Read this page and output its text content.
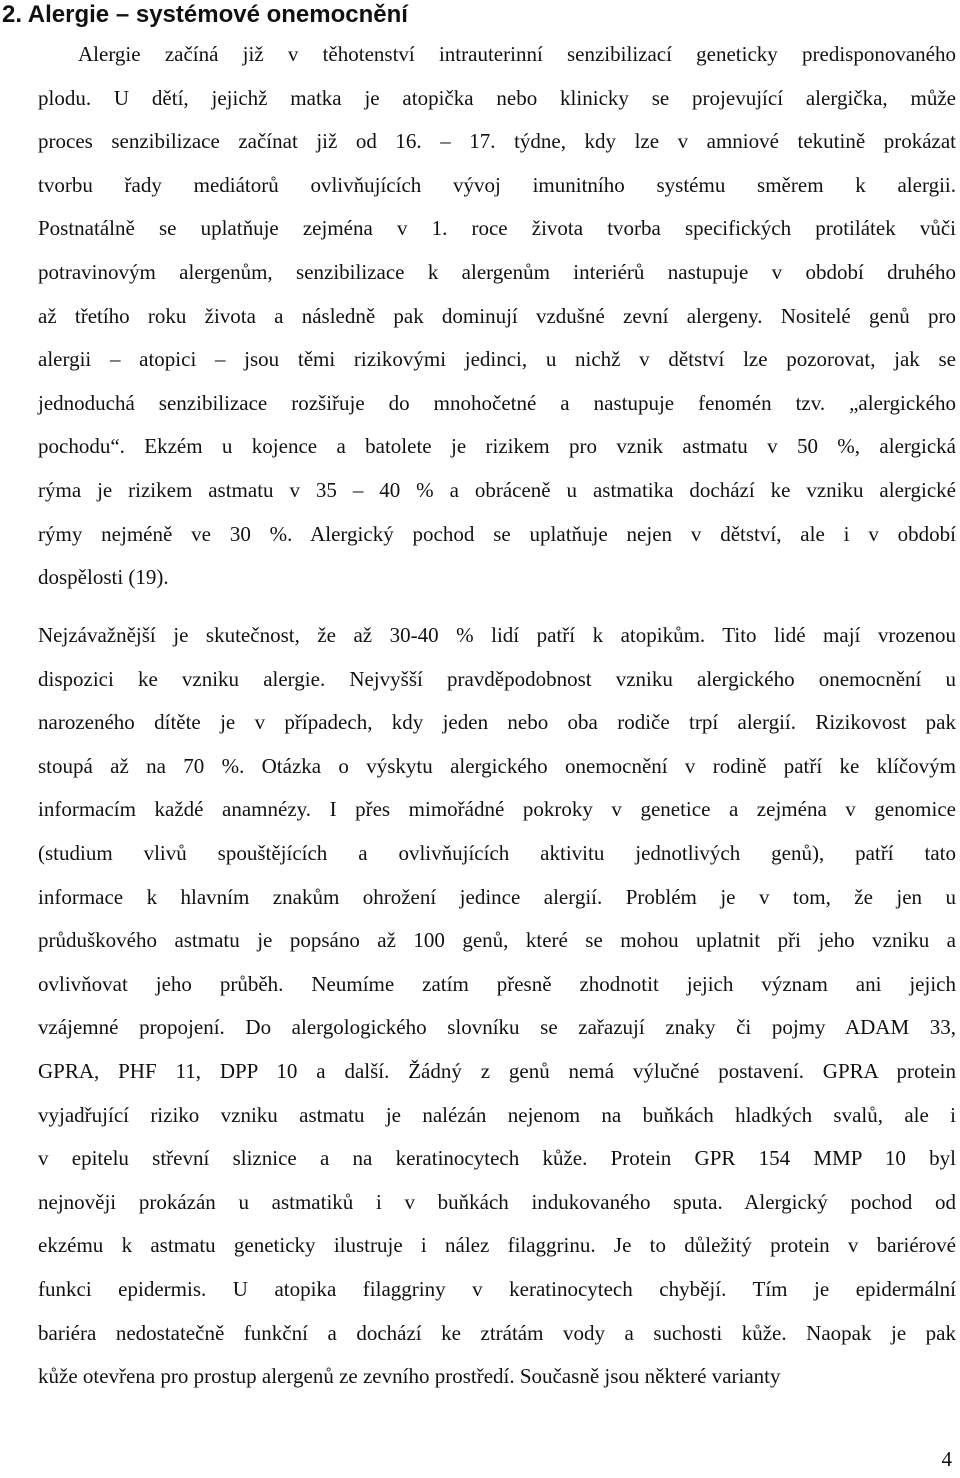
2. Alergie – systémové onemocnění
Alergie začíná již v těhotenství intrauterinní senzibilizací geneticky predisponovaného
plodu. U dětí, jejichž matka je atopička nebo klinicky se projevující alergička, může
proces senzibilizace začínat již od 16. – 17. týdne, kdy lze v amniové tekutině prokázat
tvorbu řady mediátorů ovlivňujících vývoj imunitního systému směrem k alergii.
Postnatálně se uplatňuje zejména v 1. roce života tvorba specifických protilátek vůči
potravinovým alergenům, senzibilizace k alergenům interiérů nastupuje v období druhého
až třetího roku života a následně pak dominují vzdušné zevní alergeny. Nositelé genů pro
alergii – atopici – jsou těmi rizikovými jedinci, u nichž v dětství lze pozorovat, jak se
jednoduchá senzibilizace rozšiřuje do mnohočetné a nastupuje fenomén tzv. „alergického
pochodu“. Ekzém u kojence a batolete je rizikem pro vznik astmatu v 50 %, alergická
rýma je rizikem astmatu v 35 – 40 % a obráceně u astmatika dochází ke vzniku alergické
rýmy nejméně ve 30 %. Alergický pochod se uplatňuje nejen v dětství, ale i v období
dospělosti (19).
Nejzávažnější je skutečnost, že až 30-40 % lidí patří k atopikům. Tito lidé mají vrozenou
dispozici ke vzniku alergie. Nejvyšší pravděpodobnost vzniku alergického onemocnění u
narozeného dítěte je v případech, kdy jeden nebo oba rodiče trpí alergií. Rizikovost pak
stoupá až na 70 %. Otázka o výskytu alergického onemocnění v rodině patří ke klíčovým
informacím každé anamnézy. I přes mimořádné pokroky v genetice a zejména v genomice
(studium vlivů spouštějících a ovlivňujících aktivitu jednotlivých genů), patří tato
informace k hlavním znakům ohrožení jedince alergií. Problém je v tom, že jen u
průduškového astmatu je popsáno až 100 genů, které se mohou uplatnit při jeho vzniku a
ovlivňovat jeho průběh. Neumíme zatím přesně zhodnotit jejich význam ani jejich
vzájemné propojení. Do alergologického slovníku se zařazují znaky či pojmy ADAM 33,
GPRA, PHF 11, DPP 10 a další. Žádný z genů nemá výlučné postavení. GPRA protein
vyjadřující riziko vzniku astmatu je nalézán nejenom na buňkách hladkých svalů, ale i
v epitelu střevní sliznice a na keratinocytech kůže. Protein GPR 154 MMP 10 byl
nejnověji prokázán u astmatiků i v buňkách indukovaného sputa. Alergický pochod od
ekzému k astmatu geneticky ilustruje i nález filaggrinu. Je to důležitý protein v bariérové
funkci epidermis. U atopika filaggriny v keratinocytech chybějí. Tím je epidermální
bariéra nedostatečně funkční a dochází ke ztrátám vody a suchosti kůže. Naopak je pak
kůže otevřena pro prostup alergenů ze zevního prostředí. Současně jsou některé varianty
4
